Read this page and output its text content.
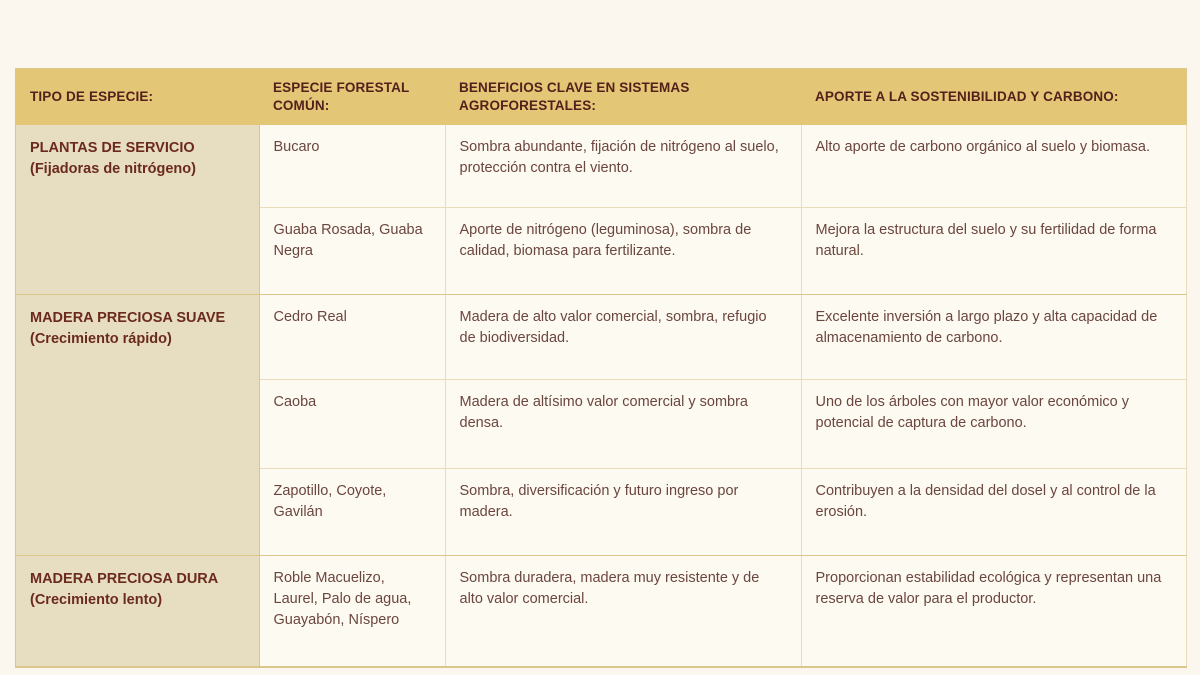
TIPO DE ESPECIE:	ESPECIE FORESTAL COMÚN:	BENEFICIOS CLAVE EN SISTEMAS AGROFORESTALES:	APORTE A LA SOSTENIBILIDAD Y CARBONO:
PLANTAS DE SERVICIO
(Fijadoras de nitrógeno)	Bucaro	Sombra abundante, fijación de nitrógeno al suelo, protección contra el viento.	Alto aporte de carbono orgánico al suelo y biomasa.
	Guaba Rosada, Guaba Negra	Aporte de nitrógeno (leguminosa), sombra de calidad, biomasa para fertilizante.	Mejora la estructura del suelo y su fertilidad de forma natural.
MADERA PRECIOSA SUAVE
(Crecimiento rápido)	Cedro Real	Madera de alto valor comercial, sombra, refugio de biodiversidad.	Excelente inversión a largo plazo y alta capacidad de almacenamiento de carbono.
	Caoba	Madera de altísimo valor comercial y sombra densa.	Uno de los árboles con mayor valor económico y potencial de captura de carbono.
	Zapotillo, Coyote, Gavilán	Sombra, diversificación y futuro ingreso por madera.	Contribuyen a la densidad del dosel y al control de la erosión.
MADERA PRECIOSA DURA
(Crecimiento lento)	Roble Macuelizo, Laurel, Palo de agua, Guayabón, Níspero	Sombra duradera, madera muy resistente y de alto valor comercial.	Proporcionan estabilidad ecológica y representan una reserva de valor para el productor.
